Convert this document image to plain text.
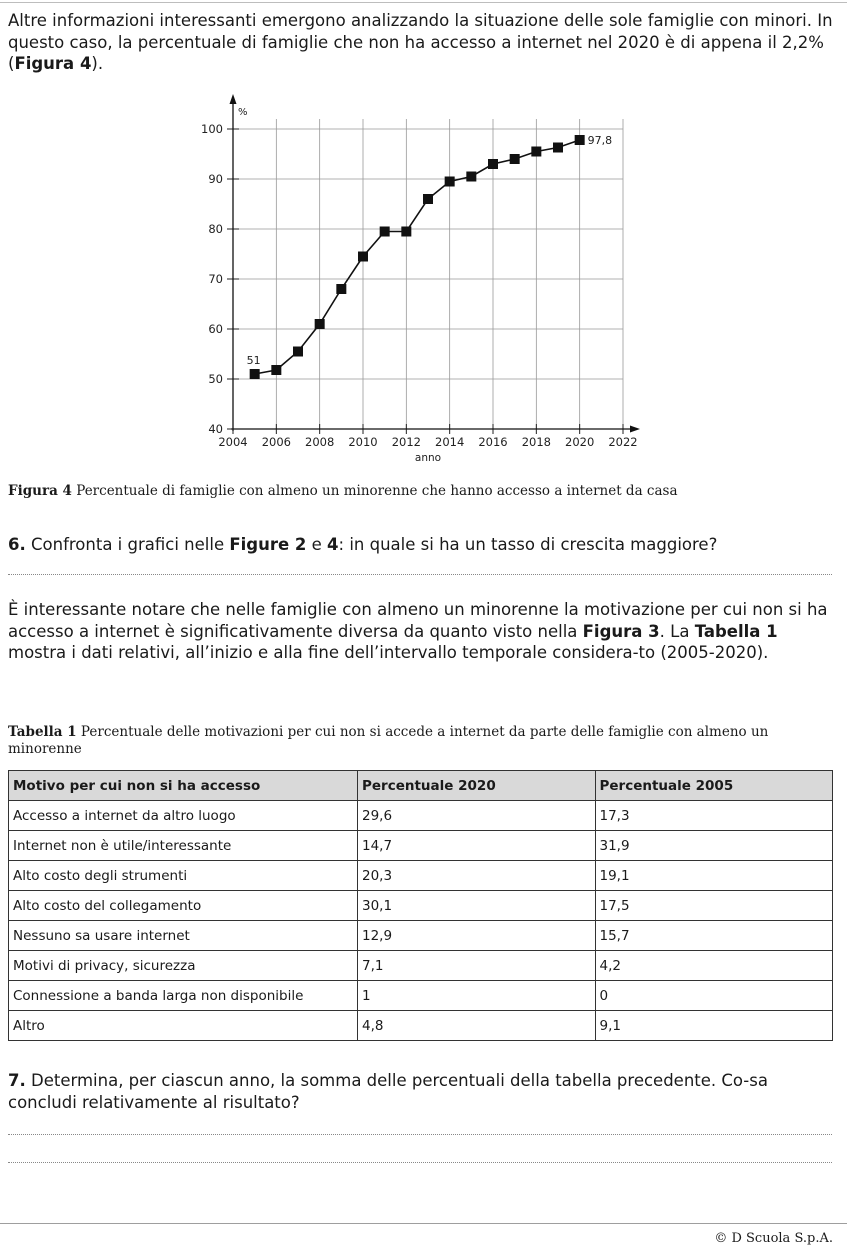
Altre informazioni interessanti emergono analizzando la situazione delle sole famiglie con minori. In questo caso, la percentuale di famiglie che non ha accesso a internet nel 2020 è di appena il 2,2% (Figura 4).
40
50
60
70
80
90
100
2004 2006 2008 2010 2012 2014 2016 2018 2020 2022
%
anno
51
97,8
Figura 4 Percentuale di famiglie con almeno un minorenne che hanno accesso a internet da casa
6. Confronta i grafici nelle Figure 2 e 4: in quale si ha un tasso di crescita maggiore?
È interessante notare che nelle famiglie con almeno un minorenne la motivazione per cui non si ha accesso a internet è significativamente diversa da quanto visto nella Figura 3. La Tabella 1 mostra i dati relativi, all’inizio e alla fine dell’intervallo temporale considera-to (2005-2020).
Tabella 1 Percentuale delle motivazioni per cui non si accede a internet da parte delle famiglie con almeno un minorenne
Motivo per cui non si ha accesso	Percentuale 2020	Percentuale 2005
Accesso a internet da altro luogo	29,6	17,3
Internet non è utile/interessante	14,7	31,9
Alto costo degli strumenti	20,3	19,1
Alto costo del collegamento	30,1	17,5
Nessuno sa usare internet	12,9	15,7
Motivi di privacy, sicurezza	7,1	4,2
Connessione a banda larga non disponibile	1	0
Altro	4,8	9,1
7. Determina, per ciascun anno, la somma delle percentuali della tabella precedente. Co-sa concludi relativamente al risultato?
© D Scuola S.p.A.
